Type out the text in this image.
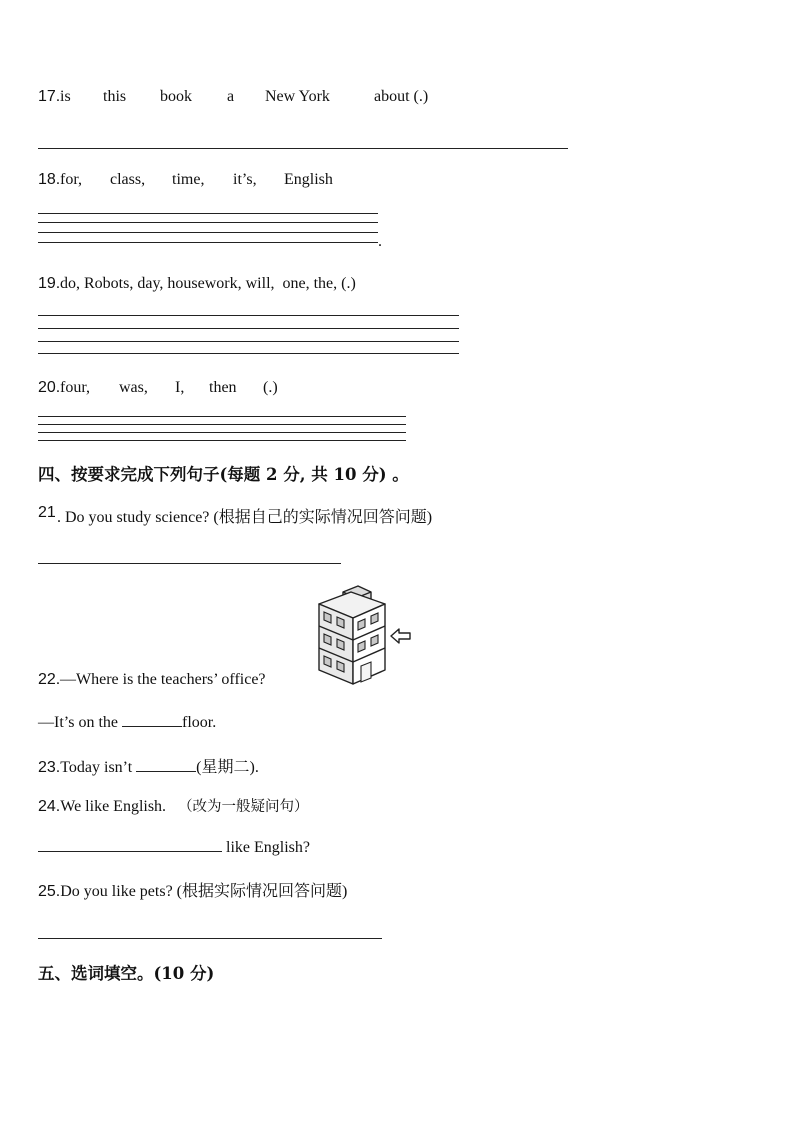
17. is this book a New York	about (.)
18. for, class, time, it’s, English
.
19. do, Robots, day, housework, will,  one, the, (.)
20. four, was, I, then (.)
四、按要求完成下列句子(每题 2 分, 共 10 分) 。
21 . Do you study science? (根据自己的实际情况回答问题)
22. —Where is the teachers’ office?
—It’s on the	floor.
23.Today isn’t	(星期二).
24.We like English. （改为一般疑问句）
like English?
25.Do you like pets? (根据实际情况回答问题)
五、选词填空。(10 分)
